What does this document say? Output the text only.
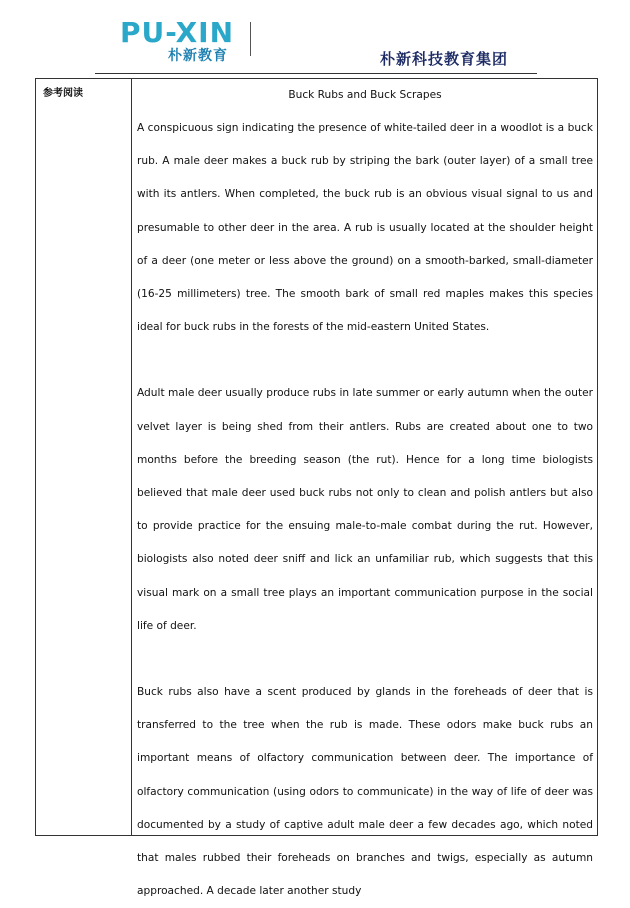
PU-XIN
朴新教育	朴新科技教育集团
参考阅读	Buck Rubs and Buck Scrapes

A conspicuous sign indicating the presence of white-tailed deer in a woodlot is a buck rub. A male deer makes a buck rub by striping the bark (outer layer) of a small tree with its antlers. When completed, the buck rub is an obvious visual signal to us and presumable to other deer in the area. A rub is usually located at the shoulder height of a deer (one meter or less above the ground) on a smooth-barked, small-diameter (16-25 millimeters) tree. The smooth bark of small red maples makes this species ideal for buck rubs in the forests of the mid-eastern United States.

Adult male deer usually produce rubs in late summer or early autumn when the outer velvet layer is being shed from their antlers. Rubs are created about one to two months before the breeding season (the rut). Hence for a long time biologists believed that male deer used buck rubs not only to clean and polish antlers but also to provide practice for the ensuing male-to-male combat during the rut. However, biologists also noted deer sniff and lick an unfamiliar rub, which suggests that this visual mark on a small tree plays an important communication purpose in the social life of deer.

Buck rubs also have a scent produced by glands in the foreheads of deer that is transferred to the tree when the rub is made. These odors make buck rubs an important means of olfactory communication between deer. The importance of olfactory communication (using odors to communicate) in the way of life of deer was documented by a study of captive adult male deer a few decades ago, which noted that males rubbed their foreheads on branches and twigs, especially as autumn approached. A decade later another study
